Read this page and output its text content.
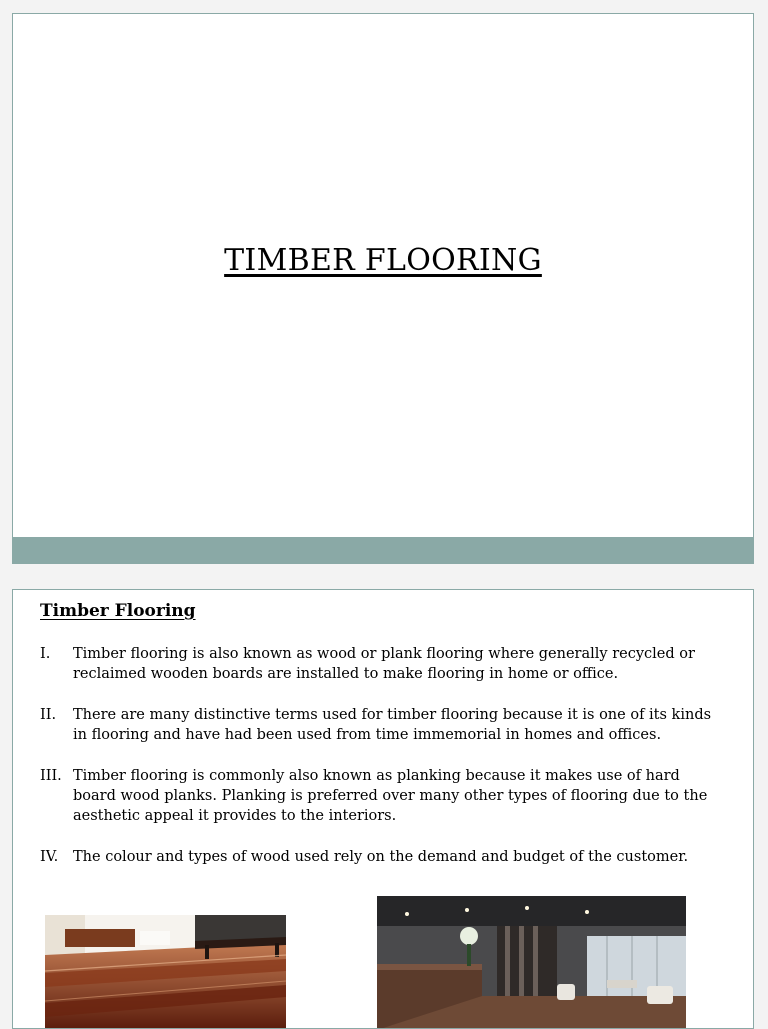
TIMBER FLOORING
Timber Flooring
I. Timber flooring is also known as wood or plank flooring where generally recycled or reclaimed wooden boards are installed to make flooring in home or office.
II. There are many distinctive terms used for timber flooring because it is one of its kinds in flooring and have had been used from time immemorial in homes and offices.
III. Timber flooring is commonly also known as planking because it makes use of hard board wood planks. Planking is preferred over many other types of flooring due to the aesthetic appeal it provides to the interiors.
IV. The colour and types of wood used rely on the demand and budget of the customer.
